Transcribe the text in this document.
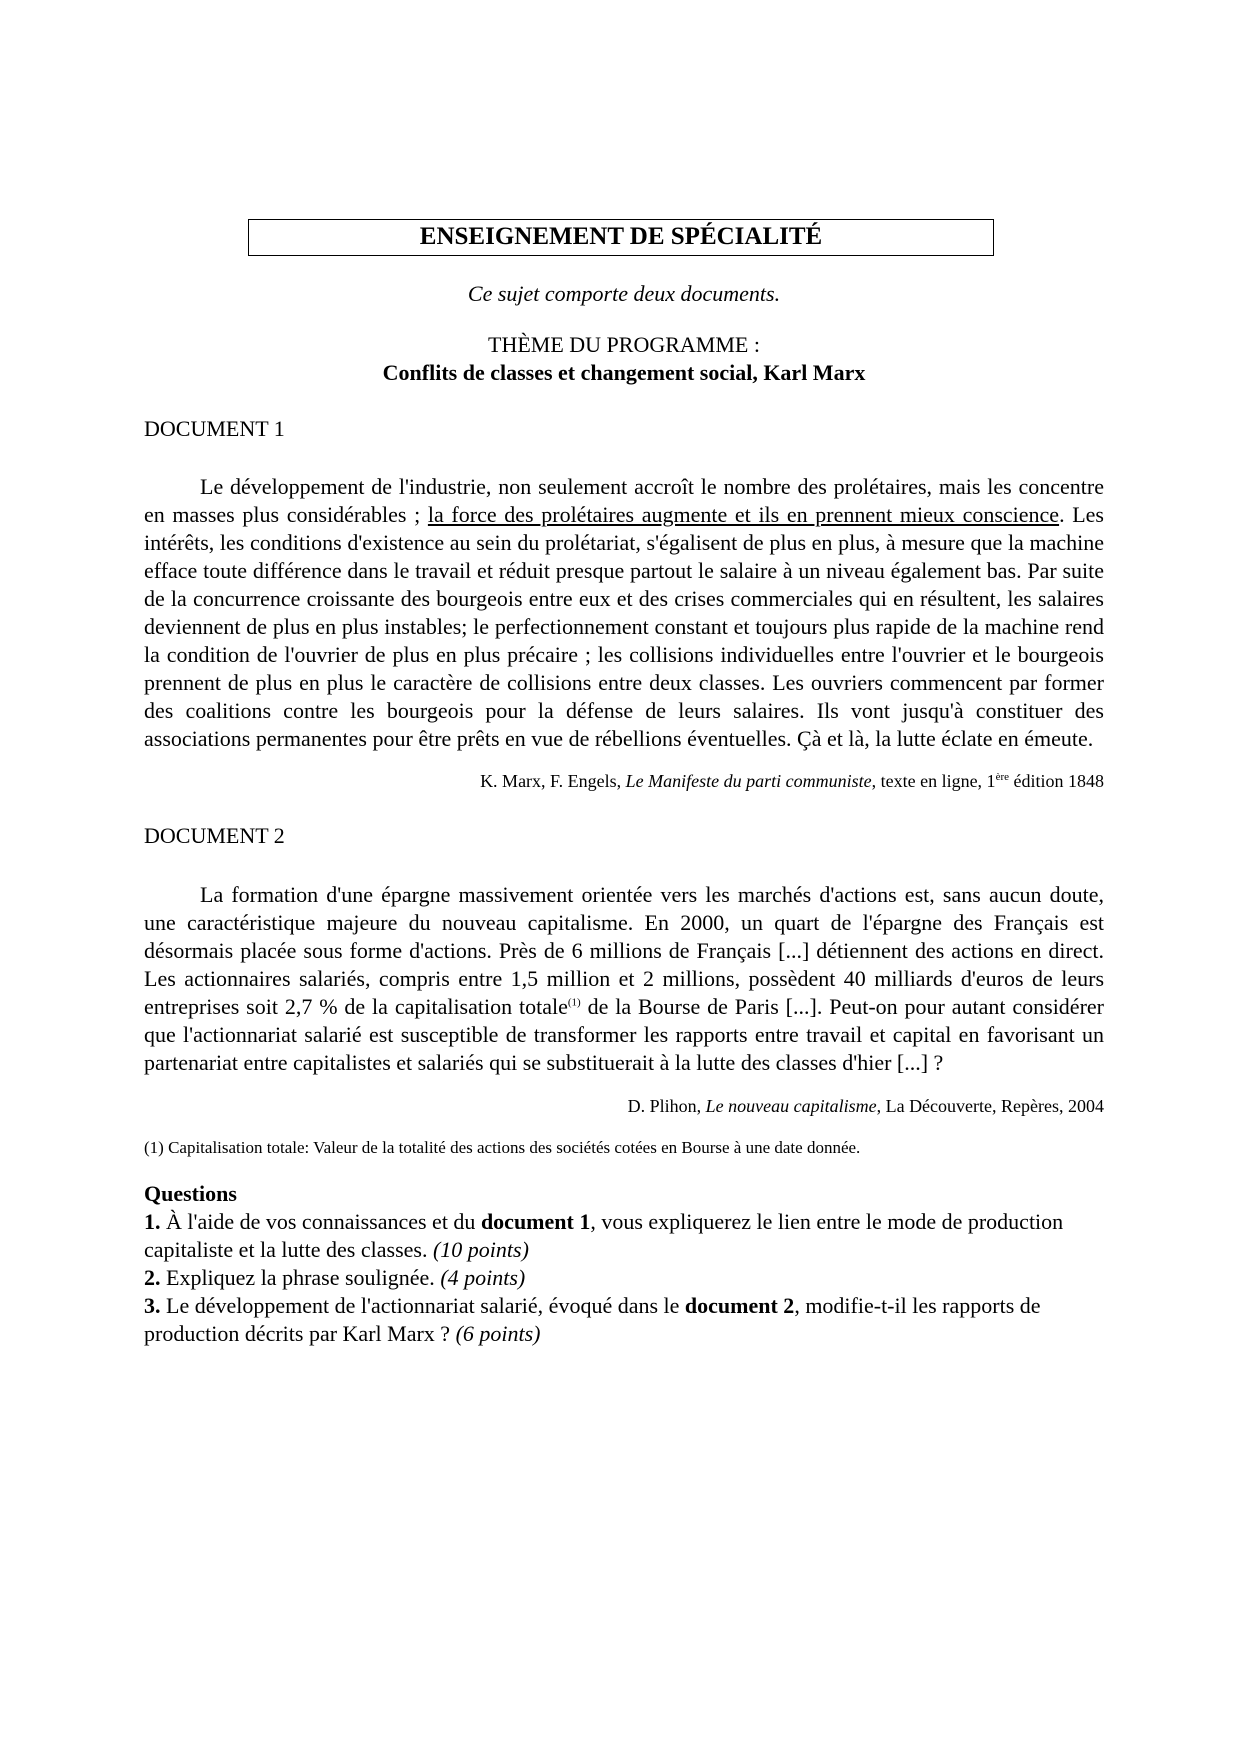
ENSEIGNEMENT DE SPÉCIALITÉ
Ce sujet comporte deux documents.
THÈME DU PROGRAMME :
Conflits de classes et changement social, Karl Marx
DOCUMENT 1

Le développement de l'industrie, non seulement accroît le nombre des prolétaires, mais les concentre en masses plus considérables ; la force des prolétaires augmente et ils en prennent mieux conscience. Les intérêts, les conditions d'existence au sein du prolétariat, s'égalisent de plus en plus, à mesure que la machine efface toute différence dans le travail et réduit presque partout le salaire à un niveau également bas. Par suite de la concurrence croissante des bourgeois entre eux et des crises commerciales qui en résultent, les salaires deviennent de plus en plus instables; le perfectionnement constant et toujours plus rapide de la machine rend la condition de l'ouvrier de plus en plus précaire ; les collisions individuelles entre l'ouvrier et le bourgeois prennent de plus en plus le caractère de collisions entre deux classes. Les ouvriers commencent par former des coalitions contre les bourgeois pour la défense de leurs salaires. Ils vont jusqu'à constituer des associations permanentes pour être prêts en vue de rébellions éventuelles. Çà et là, la lutte éclate en émeute.

K. Marx, F. Engels, Le Manifeste du parti communiste, texte en ligne, 1ère édition 1848
DOCUMENT 2

La formation d'une épargne massivement orientée vers les marchés d'actions est, sans aucun doute, une caractéristique majeure du nouveau capitalisme. En 2000, un quart de l'épargne des Français est désormais placée sous forme d'actions. Près de 6 millions de Français [...] détiennent des actions en direct. Les actionnaires salariés, compris entre 1,5 million et 2 millions, possèdent 40 milliards d'euros de leurs entreprises soit 2,7 % de la capitalisation totale$^{(1)}$ de la Bourse de Paris [...]. Peut-on pour autant considérer que l'actionnariat salarié est susceptible de transformer les rapports entre travail et capital en favorisant un partenariat entre capitalistes et salariés qui se substituerait à la lutte des classes d'hier [...] ?

D. Plihon, Le nouveau capitalisme, La Découverte, Repères, 2004
(1) Capitalisation totale: Valeur de la totalité des actions des sociétés cotées en Bourse à une date donnée.
Questions
1. À l'aide de vos connaissances et du document 1, vous expliquerez le lien entre le mode de production capitaliste et la lutte des classes. (10 points)
2. Expliquez la phrase soulignée. (4 points)
3. Le développement de l'actionnariat salarié, évoqué dans le document 2, modifie-t-il les rapports de production décrits par Karl Marx ? (6 points)
